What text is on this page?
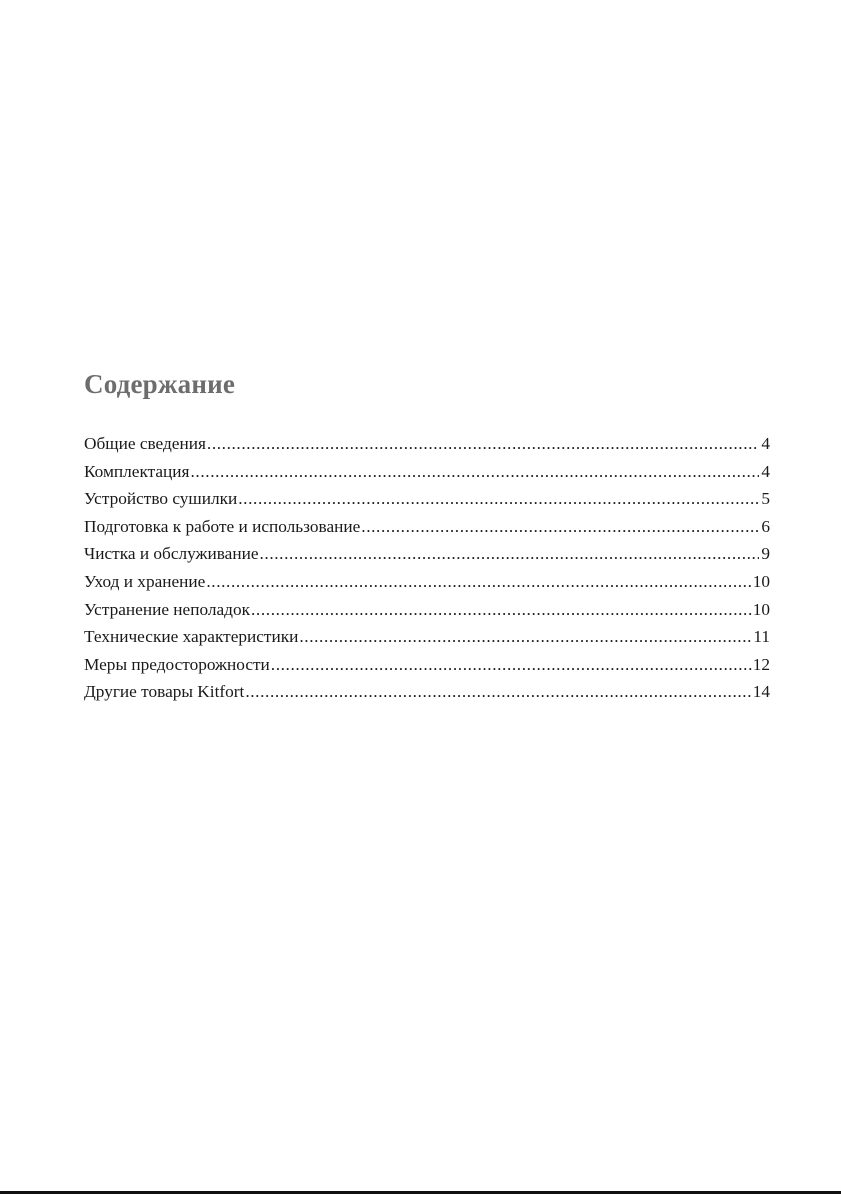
Содержание
Общие сведения .....	4
Комплектация .....	4
Устройство сушилки .....	5
Подготовка к работе и использование .....	6
Чистка и обслуживание .....	9
Уход и хранение .....	10
Устранение неполадок .....	10
Технические характеристики .....	11
Меры предосторожности .....	12
Другие товары Kitfort .....	14
